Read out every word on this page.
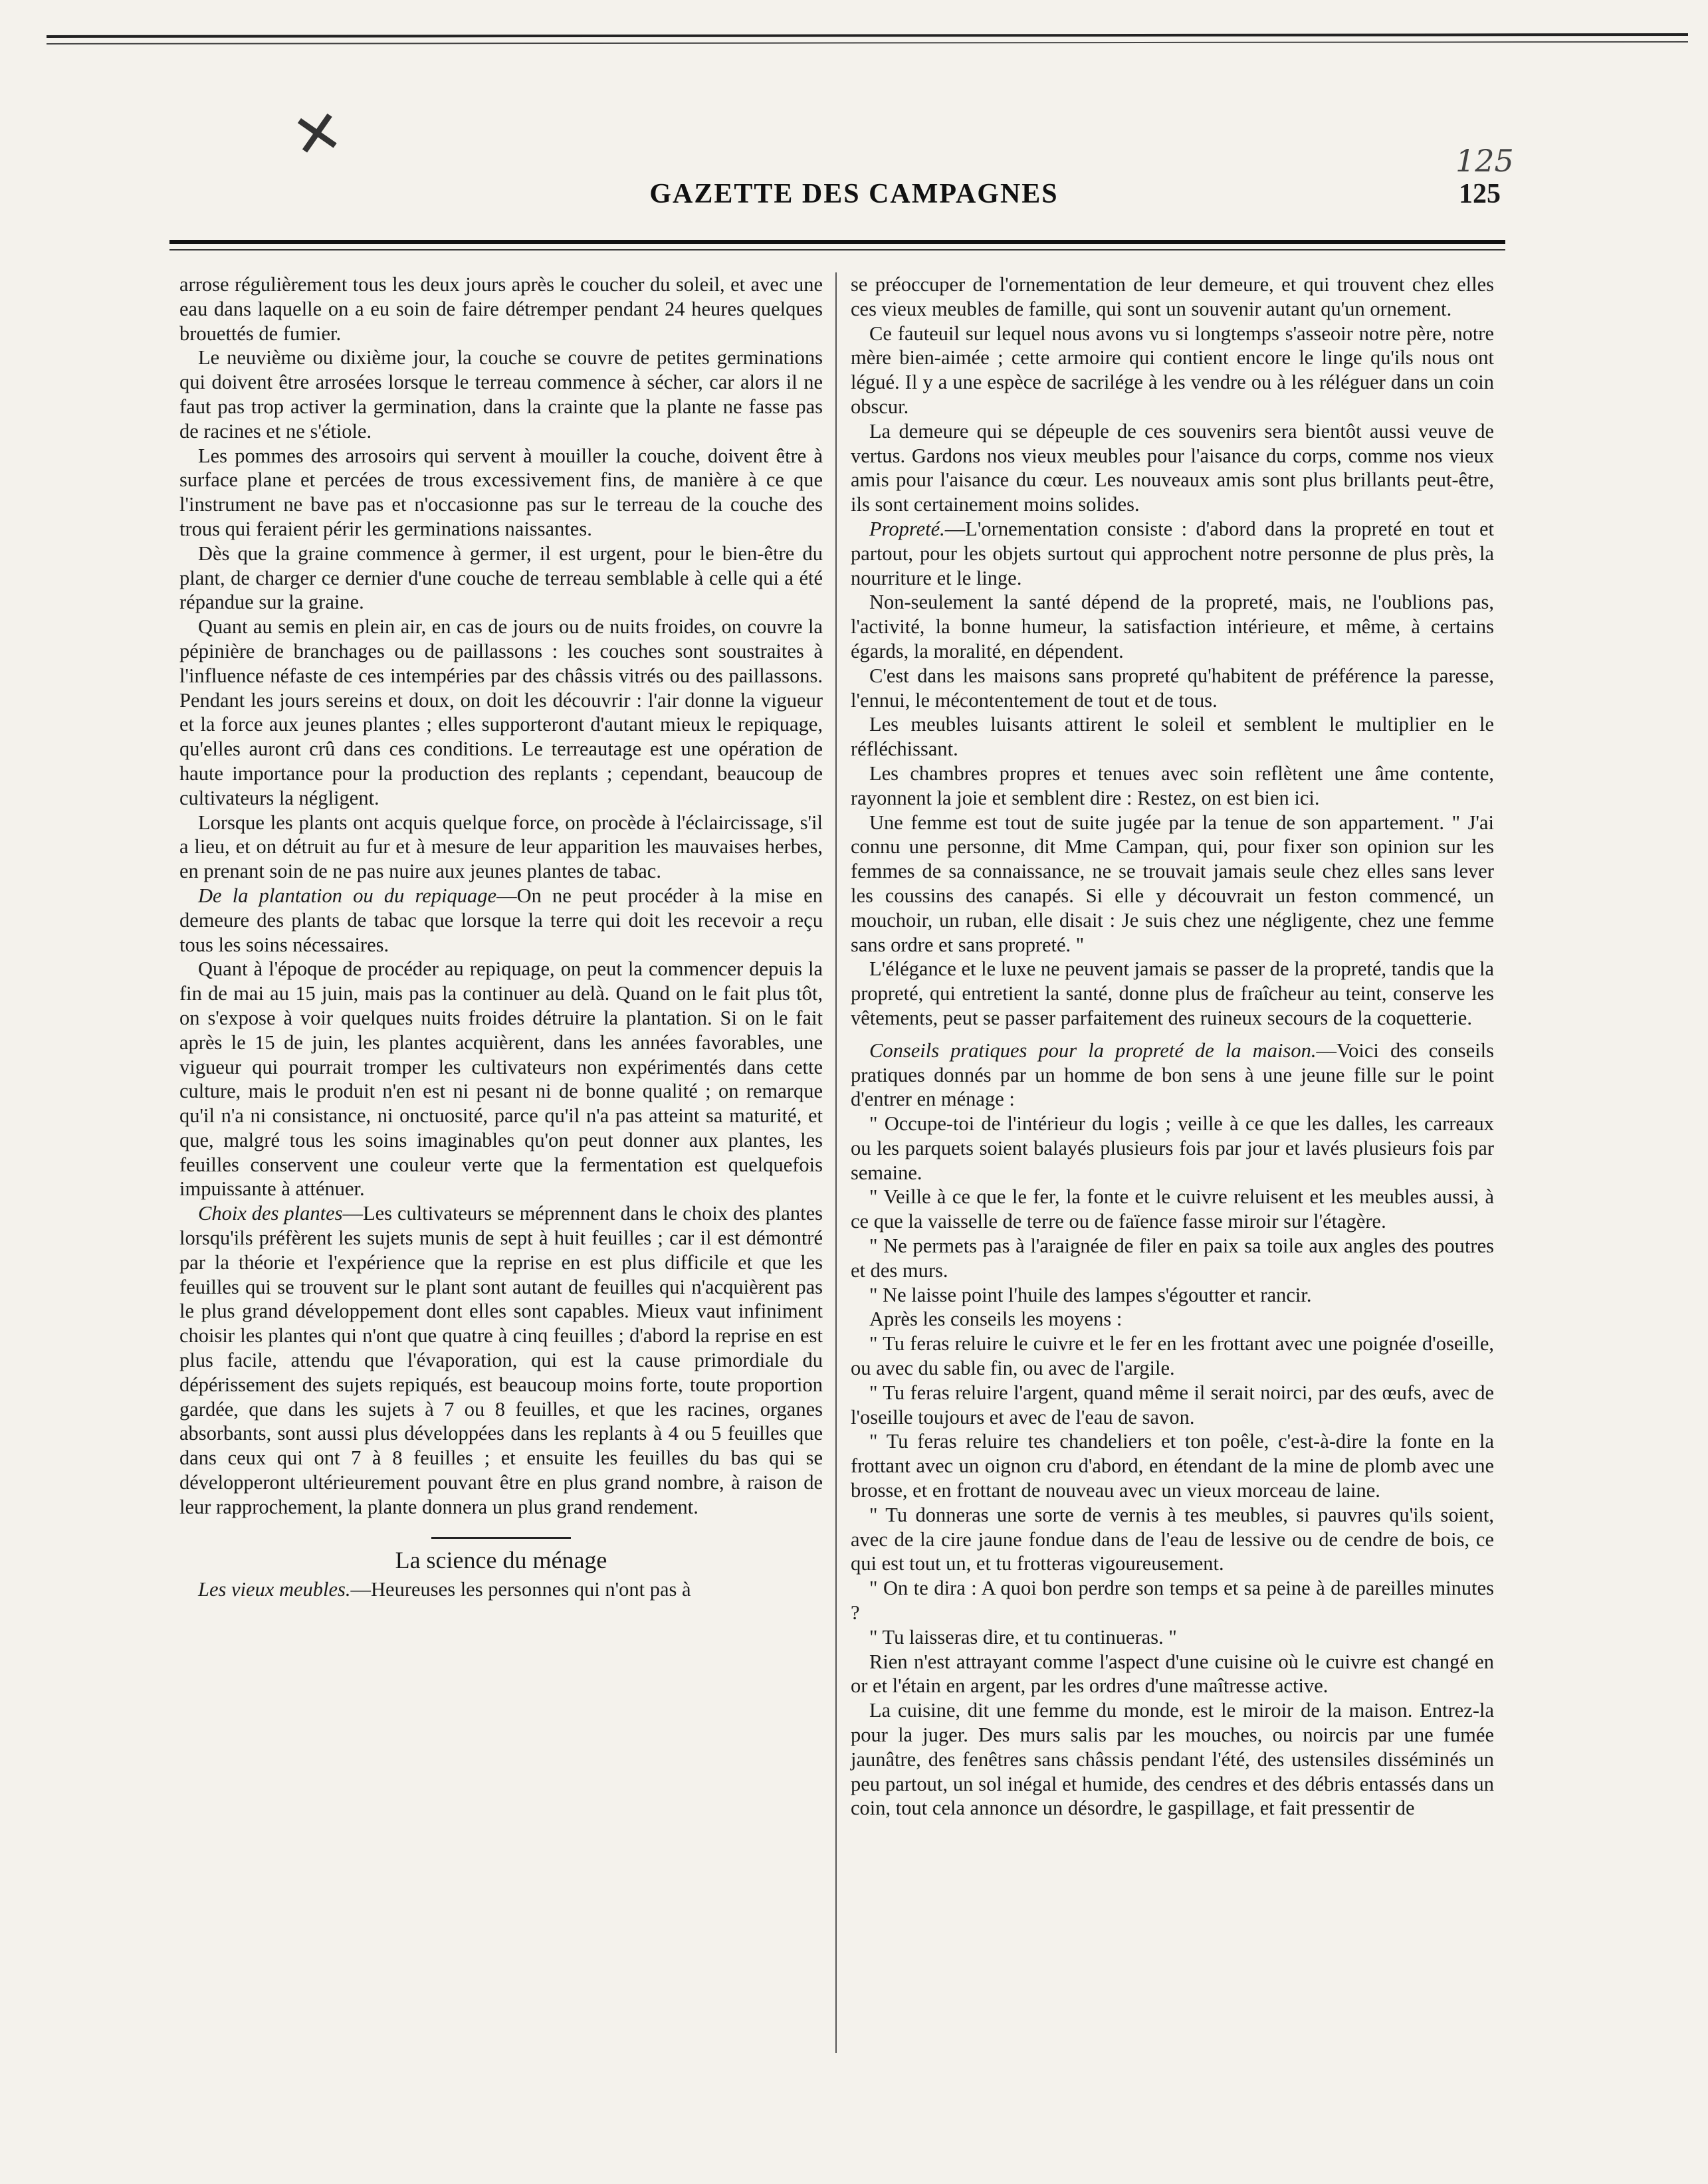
✕	125
GAZETTE DES CAMPAGNES	125

arrose régulièrement tous les deux jours après le coucher du soleil, et avec une eau dans laquelle on a eu soin de faire détremper pendant 24 heures quelques brouettés de fumier.

Le neuvième ou dixième jour, la couche se couvre de petites germinations qui doivent être arrosées lorsque le terreau commence à sécher, car alors il ne faut pas trop activer la germination, dans la crainte que la plante ne fasse pas de racines et ne s'étiole.

Les pommes des arrosoirs qui servent à mouiller la couche, doivent être à surface plane et percées de trous excessivement fins, de manière à ce que l'instrument ne bave pas et n'occasionne pas sur le terreau de la couche des trous qui feraient périr les germinations naissantes.

Dès que la graine commence à germer, il est urgent, pour le bien-être du plant, de charger ce dernier d'une couche de terreau semblable à celle qui a été répandue sur la graine.

Quant au semis en plein air, en cas de jours ou de nuits froides, on couvre la pépinière de branchages ou de paillassons : les couches sont soustraites à l'influence néfaste de ces intempéries par des châssis vitrés ou des paillassons. Pendant les jours sereins et doux, on doit les découvrir : l'air donne la vigueur et la force aux jeunes plantes ; elles supporteront d'autant mieux le repiquage, qu'elles auront crû dans ces conditions. Le terreautage est une opération de haute importance pour la production des replants ; cependant, beaucoup de cultivateurs la négligent.

Lorsque les plants ont acquis quelque force, on procède à l'éclaircissage, s'il a lieu, et on détruit au fur et à mesure de leur apparition les mauvaises herbes, en prenant soin de ne pas nuire aux jeunes plantes de tabac.

De la plantation ou du repiquage—On ne peut procéder à la mise en demeure des plants de tabac que lorsque la terre qui doit les recevoir a reçu tous les soins nécessaires.

Quant à l'époque de procéder au repiquage, on peut la commencer depuis la fin de mai au 15 juin, mais pas la continuer au delà. Quand on le fait plus tôt, on s'expose à voir quelques nuits froides détruire la plantation. Si on le fait après le 15 de juin, les plantes acquièrent, dans les années favorables, une vigueur qui pourrait tromper les cultivateurs non expérimentés dans cette culture, mais le produit n'en est ni pesant ni de bonne qualité ; on remarque qu'il n'a ni consistance, ni onctuosité, parce qu'il n'a pas atteint sa maturité, et que, malgré tous les soins imaginables qu'on peut donner aux plantes, les feuilles conservent une couleur verte que la fermentation est quelquefois impuissante à atténuer.

Choix des plantes—Les cultivateurs se méprennent dans le choix des plantes lorsqu'ils préfèrent les sujets munis de sept à huit feuilles ; car il est démontré par la théorie et l'expérience que la reprise en est plus difficile et que les feuilles qui se trouvent sur le plant sont autant de feuilles qui n'acquièrent pas le plus grand développement dont elles sont capables. Mieux vaut infiniment choisir les plantes qui n'ont que quatre à cinq feuilles ; d'abord la reprise en est plus facile, attendu que l'évaporation, qui est la cause primordiale du dépérissement des sujets repiqués, est beaucoup moins forte, toute proportion gardée, que dans les sujets à 7 ou 8 feuilles, et que les racines, organes absorbants, sont aussi plus développées dans les replants à 4 ou 5 feuilles que dans ceux qui ont 7 à 8 feuilles ; et ensuite les feuilles du bas qui se développeront ultérieurement pouvant être en plus grand nombre, à raison de leur rapprochement, la plante donnera un plus grand rendement.

La science du ménage

Les vieux meubles.—Heureuses les personnes qui n'ont pas à

se préoccuper de l'ornementation de leur demeure, et qui trouvent chez elles ces vieux meubles de famille, qui sont un souvenir autant qu'un ornement.

Ce fauteuil sur lequel nous avons vu si longtemps s'asseoir notre père, notre mère bien-aimée ; cette armoire qui contient encore le linge qu'ils nous ont légué. Il y a une espèce de sacrilége à les vendre ou à les réléguer dans un coin obscur.

La demeure qui se dépeuple de ces souvenirs sera bientôt aussi veuve de vertus. Gardons nos vieux meubles pour l'aisance du corps, comme nos vieux amis pour l'aisance du cœur. Les nouveaux amis sont plus brillants peut-être, ils sont certainement moins solides.

Propreté.—L'ornementation consiste : d'abord dans la propreté en tout et partout, pour les objets surtout qui approchent notre personne de plus près, la nourriture et le linge.

Non-seulement la santé dépend de la propreté, mais, ne l'oublions pas, l'activité, la bonne humeur, la satisfaction intérieure, et même, à certains égards, la moralité, en dépendent.

C'est dans les maisons sans propreté qu'habitent de préférence la paresse, l'ennui, le mécontentement de tout et de tous.

Les meubles luisants attirent le soleil et semblent le multiplier en le réfléchissant.

Les chambres propres et tenues avec soin reflètent une âme contente, rayonnent la joie et semblent dire : Restez, on est bien ici.

Une femme est tout de suite jugée par la tenue de son appartement. " J'ai connu une personne, dit Mme Campan, qui, pour fixer son opinion sur les femmes de sa connaissance, ne se trouvait jamais seule chez elles sans lever les coussins des canapés. Si elle y découvrait un feston commencé, un mouchoir, un ruban, elle disait : Je suis chez une négligente, chez une femme sans ordre et sans propreté. "

L'élégance et le luxe ne peuvent jamais se passer de la propreté, tandis que la propreté, qui entretient la santé, donne plus de fraîcheur au teint, conserve les vêtements, peut se passer parfaitement des ruineux secours de la coquetterie.

Conseils pratiques pour la propreté de la maison.—Voici des conseils pratiques donnés par un homme de bon sens à une jeune fille sur le point d'entrer en ménage :

" Occupe-toi de l'intérieur du logis ; veille à ce que les dalles, les carreaux ou les parquets soient balayés plusieurs fois par jour et lavés plusieurs fois par semaine.

" Veille à ce que le fer, la fonte et le cuivre reluisent et les meubles aussi, à ce que la vaisselle de terre ou de faïence fasse miroir sur l'étagère.

" Ne permets pas à l'araignée de filer en paix sa toile aux angles des poutres et des murs.

" Ne laisse point l'huile des lampes s'égoutter et rancir.

Après les conseils les moyens :

" Tu feras reluire le cuivre et le fer en les frottant avec une poignée d'oseille, ou avec du sable fin, ou avec de l'argile.

" Tu feras reluire l'argent, quand même il serait noirci, par des œufs, avec de l'oseille toujours et avec de l'eau de savon.

" Tu feras reluire tes chandeliers et ton poêle, c'est-à-dire la fonte en la frottant avec un oignon cru d'abord, en étendant de la mine de plomb avec une brosse, et en frottant de nouveau avec un vieux morceau de laine.

" Tu donneras une sorte de vernis à tes meubles, si pauvres qu'ils soient, avec de la cire jaune fondue dans de l'eau de lessive ou de cendre de bois, ce qui est tout un, et tu frotteras vigoureusement.

" On te dira : A quoi bon perdre son temps et sa peine à de pareilles minutes ?

" Tu laisseras dire, et tu continueras. "

Rien n'est attrayant comme l'aspect d'une cuisine où le cuivre est changé en or et l'étain en argent, par les ordres d'une maîtresse active.

La cuisine, dit une femme du monde, est le miroir de la maison. Entrez-la pour la juger. Des murs salis par les mouches, ou noircis par une fumée jaunâtre, des fenêtres sans châssis pendant l'été, des ustensiles disséminés un peu partout, un sol inégal et humide, des cendres et des débris entassés dans un coin, tout cela annonce un désordre, le gaspillage, et fait pressentir de
